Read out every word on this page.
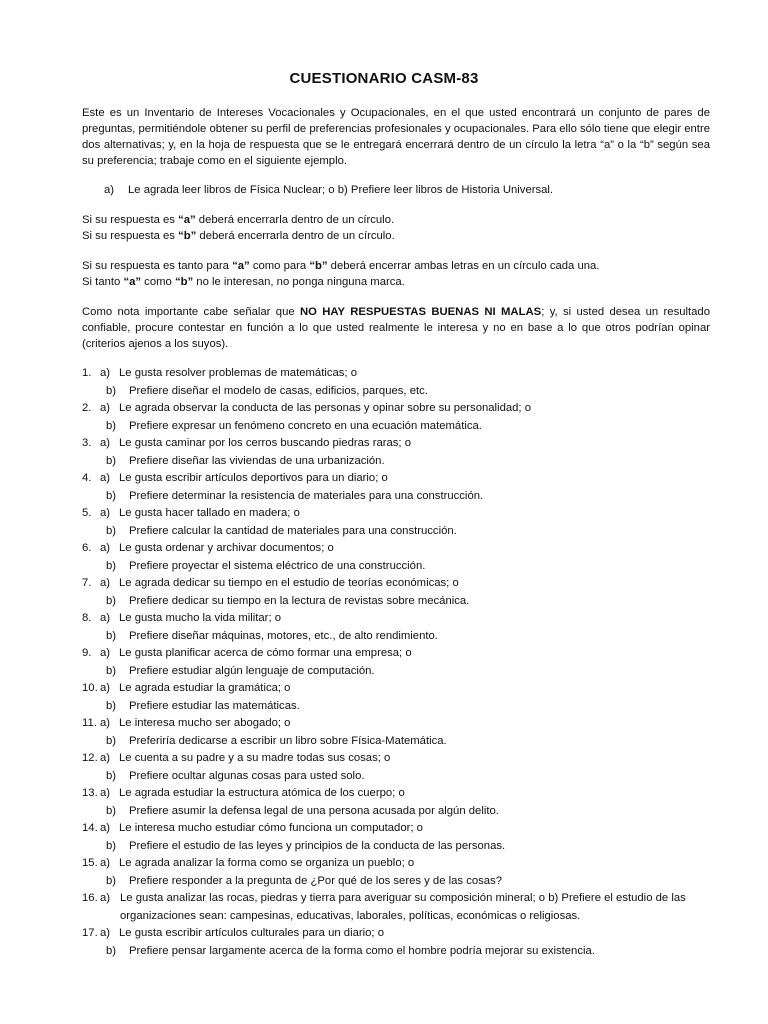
CUESTIONARIO CASM-83
Este es un Inventario de Intereses Vocacionales y Ocupacionales, en el que usted encontrará un conjunto de pares de preguntas, permitiéndole obtener su perfil de preferencias profesionales y ocupacionales. Para ello sólo tiene que elegir entre dos alternativas; y, en la hoja de respuesta que se le entregará encerrará dentro de un círculo la letra “a” o la “b” según sea su preferencia; trabaje como en el siguiente ejemplo.
a) Le agrada leer libros de Física Nuclear; o b) Prefiere leer libros de Historia Universal.
Si su respuesta es “a” deberá encerrarla dentro de un círculo.
Si su respuesta es “b” deberá encerrarla dentro de un círculo.
Si su respuesta es tanto para “a” como para “b” deberá encerrar ambas letras en un círculo cada una.
Si tanto “a” como “b” no le interesan, no ponga ninguna marca.
Como nota importante cabe señalar que NO HAY RESPUESTAS BUENAS NI MALAS; y, si usted desea un resultado confiable, procure contestar en función a lo que usted realmente le interesa y no en base a lo que otros podrían opinar (criterios ajenos a los suyos).
1. a) Le gusta resolver problemas de matemáticas; o
b) Prefiere diseñar el modelo de casas, edificios, parques, etc.
2. a) Le agrada observar la conducta de las personas y opinar sobre su personalidad; o
b) Prefiere expresar un fenómeno concreto en una ecuación matemática.
3. a) Le gusta caminar por los cerros buscando piedras raras; o
b) Prefiere diseñar las viviendas de una urbanización.
4. a) Le gusta escribir artículos deportivos para un diario; o
b) Prefiere determinar la resistencia de materiales para una construcción.
5. a) Le gusta hacer tallado en madera; o
b) Prefiere calcular la cantidad de materiales para una construcción.
6. a) Le gusta ordenar y archivar documentos; o
b) Prefiere proyectar el sistema eléctrico de una construcción.
7. a) Le agrada dedicar su tiempo en el estudio de teorías económicas; o
b) Prefiere dedicar su tiempo en la lectura de revistas sobre mecánica.
8. a) Le gusta mucho la vida militar; o
b) Prefiere diseñar máquinas, motores, etc., de alto rendimiento.
9. a) Le gusta planificar acerca de cómo formar una empresa; o
b) Prefiere estudiar algún lenguaje de computación.
10. a) Le agrada estudiar la gramática; o
b) Prefiere estudiar las matemáticas.
11. a) Le interesa mucho ser abogado; o
b) Preferiría dedicarse a escribir un libro sobre Física-Matemática.
12. a) Le cuenta a su padre y a su madre todas sus cosas; o
b) Prefiere ocultar algunas cosas para usted solo.
13. a) Le agrada estudiar la estructura atómica de los cuerpo; o
b) Prefiere asumir la defensa legal de una persona acusada por algún delito.
14. a) Le interesa mucho estudiar cómo funciona un computador; o
b) Prefiere el estudio de las leyes y principios de la conducta de las personas.
15. a) Le agrada analizar la forma como se organiza un pueblo; o
b) Prefiere responder a la pregunta de ¿Por qué de los seres y de las cosas?
16. a) Le gusta analizar las rocas, piedras y tierra para averiguar su composición mineral; o b) Prefiere el estudio de las organizaciones sean: campesinas, educativas, laborales, políticas, económicas o religiosas.
17. a) Le gusta escribir artículos culturales para un diario; o
b) Prefiere pensar largamente acerca de la forma como el hombre podría mejorar su existencia.
